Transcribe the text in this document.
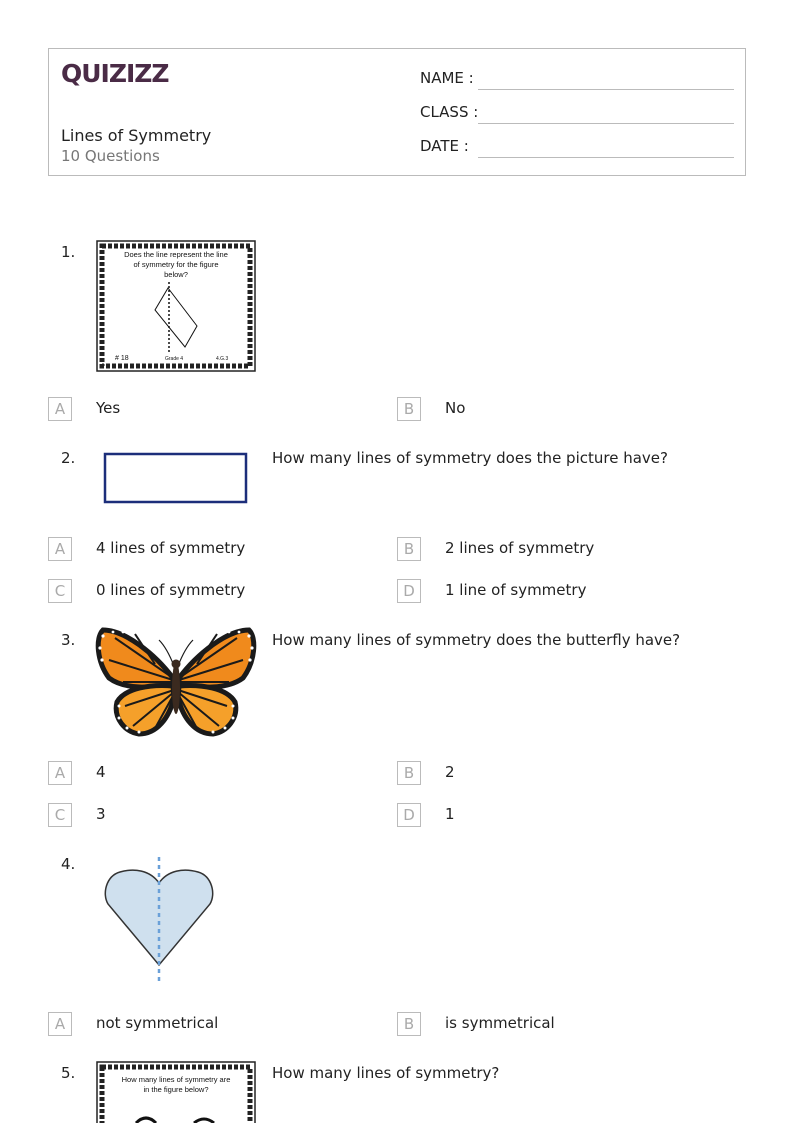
QUIZIZZ
Lines of Symmetry
10 Questions
NAME :
CLASS :
DATE :
1.	Does the line represent the line
of symmetry for the figure
below?
# 18	Grade 4	4.G.3
A	Yes	B	No
2.	How many lines of symmetry does the picture have?
A	4 lines of symmetry	B	2 lines of symmetry
C	0 lines of symmetry	D	1 line of symmetry
3.	How many lines of symmetry does the butterfly have?
A	4	B	2
C	3	D	1
4.
A	not symmetrical	B	is symmetrical
5.	How many lines of symmetry are
in the figure below?
How many lines of symmetry?
